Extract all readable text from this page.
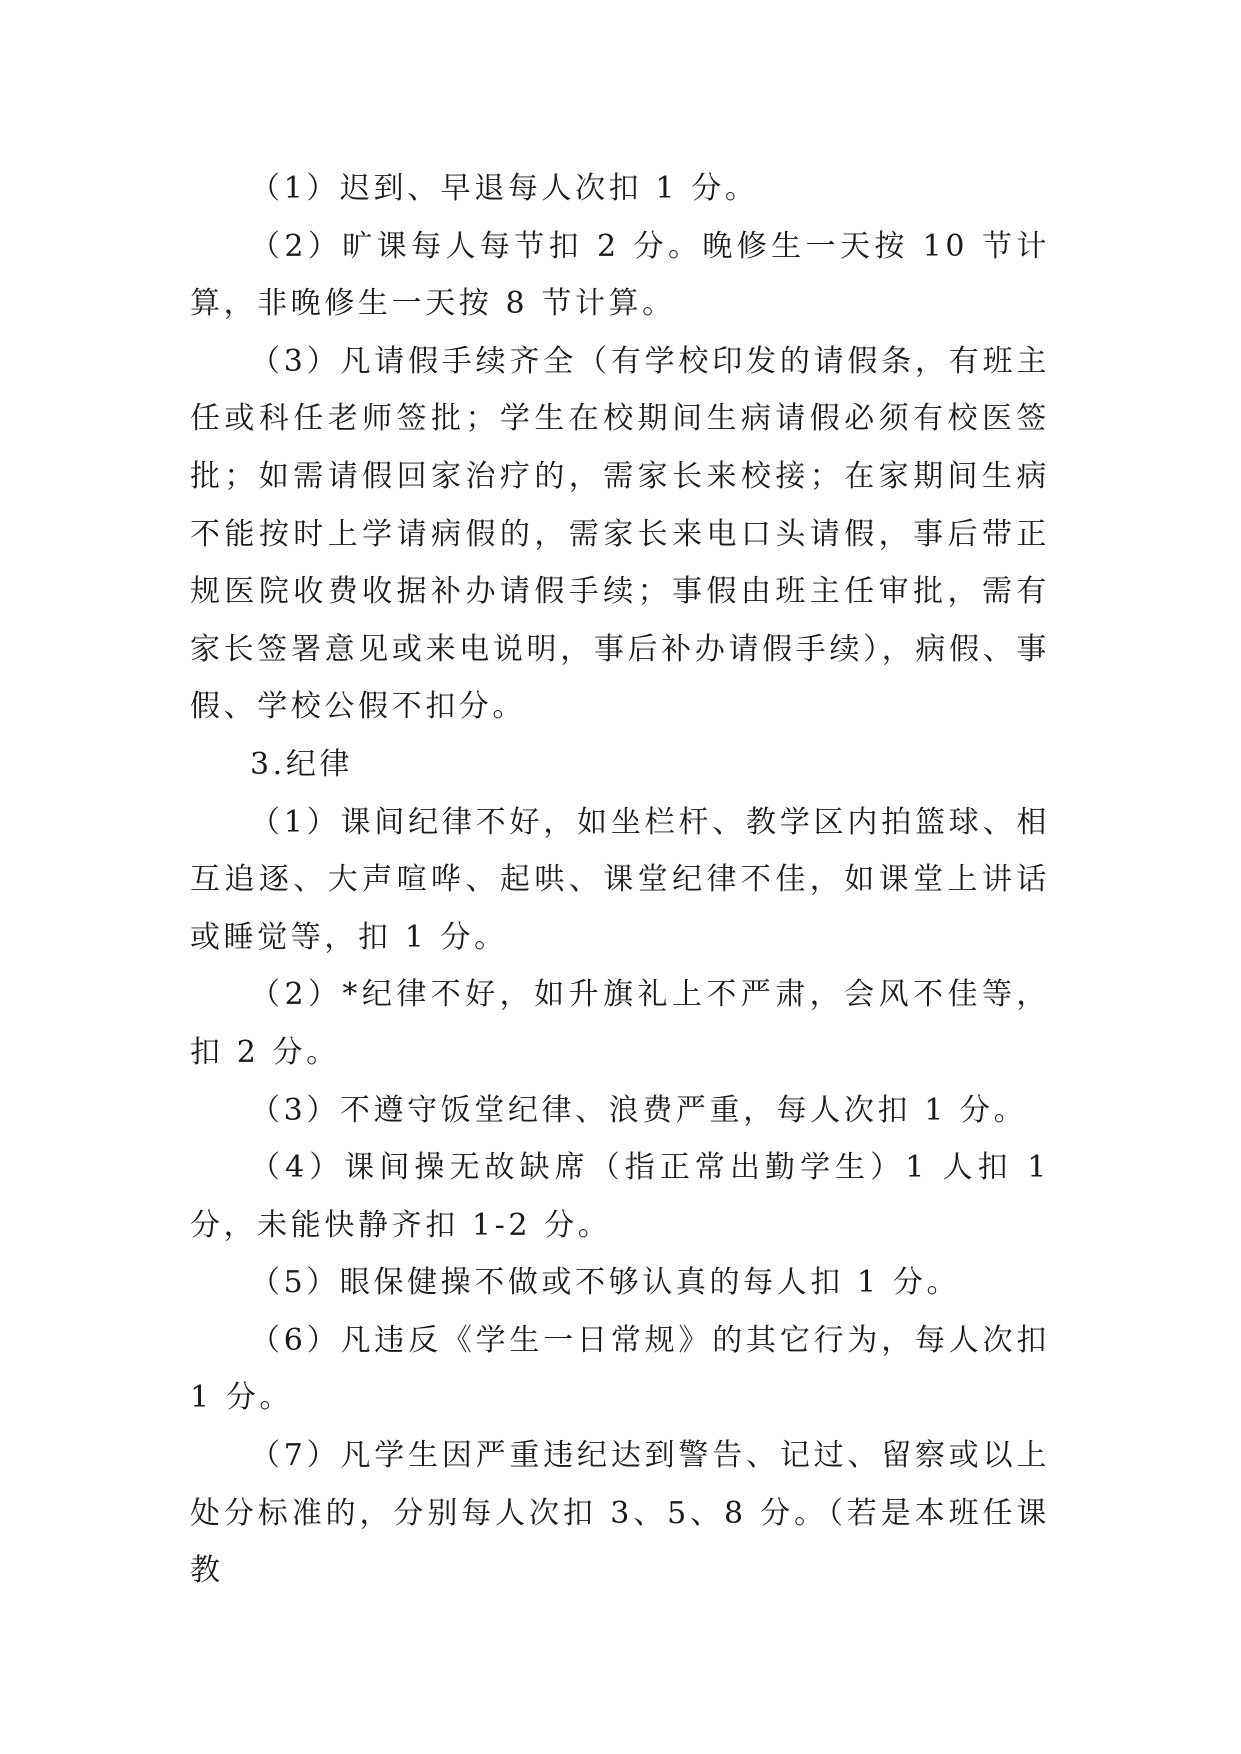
（1）迟到、早退每人次扣 1 分。

（2）旷课每人每节扣 2 分。晚修生一天按 10 节计算，非晚修生一天按 8 节计算。

（3）凡请假手续齐全（有学校印发的请假条，有班主任或科任老师签批；学生在校期间生病请假必须有校医签批；如需请假回家治疗的，需家长来校接；在家期间生病不能按时上学请病假的，需家长来电口头请假，事后带正规医院收费收据补办请假手续；事假由班主任审批，需有家长签署意见或来电说明，事后补办请假手续），病假、事假、学校公假不扣分。

3.纪律

（1）课间纪律不好，如坐栏杆、教学区内拍篮球、相互追逐、大声喧哗、起哄、课堂纪律不佳，如课堂上讲话或睡觉等，扣 1 分。

（2）*纪律不好，如升旗礼上不严肃，会风不佳等，扣 2 分。

（3）不遵守饭堂纪律、浪费严重，每人次扣 1 分。

（4）课间操无故缺席（指正常出勤学生）1 人扣 1 分，未能快静齐扣 1-2 分。

（5）眼保健操不做或不够认真的每人扣 1 分。

（6）凡违反《学生一日常规》的其它行为，每人次扣 1 分。

（7）凡学生因严重违纪达到警告、记过、留察或以上处分标准的，分别每人次扣 3、5、8 分。（若是本班任课教
